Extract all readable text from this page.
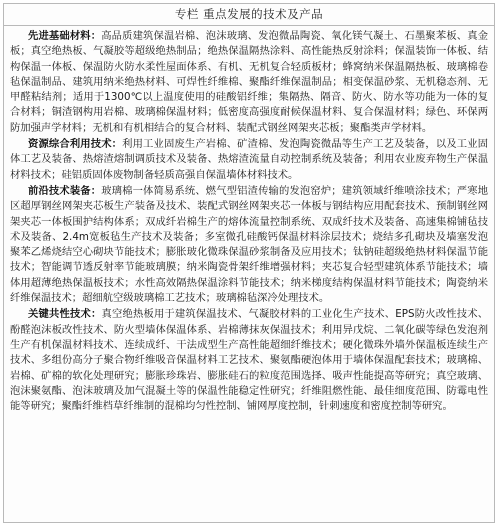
专栏 重点发展的技术及产品

先进基础材料：高品质建筑保温岩棉、泡沫玻璃、发泡微晶陶瓷、氧化镁气凝土、石墨聚苯板、真金板；真空绝热板、气凝胶等超级绝热制品；绝热保温隔热涂料、高性能热反射涂料；保温装饰一体板、结构保温一体板、保温防火防水柔性屋面体系、有机、无机复合轻质板材；蜂窝纳米保温隔热板、玻璃棉卷毡保温制品、建筑用纳米绝热材料、可焊性纤维棉、聚酯纤维保温制品；相变保温砂浆、无机稳态剂、无甲醛粘结剂；适用于1300℃以上温度使用的硅酸铝纤维；集隔热、隔音、防火、防水等功能为一体的复合材料；铜渣钢构用岩棉、玻璃棉保温材料；低密度高强度耐候保温材料、复合保温材料；绿色、环保两防加强声学材料；无机和有机相结合的复合材料、装配式钢丝网架夹芯板；聚酯类声学材料。

资源综合利用技术：利用工业固废生产岩棉、矿渣棉、发泡陶瓷微晶等生产工艺及装备，以及工业固体工艺及装备、热熔渣熔制调质技术及装备、热熔渣流量自动控制系统及装备；利用农业废弃物生产保温材料技术；硅铝质固体废物制备轻质高强自保温墙体材料技术。

前沿技术装备：玻璃棉一体简易系统、燃气型铝渣传输的发泡窑炉；建筑领域纤维喷涂技术；严寒地区超厚钢丝网架夹芯板生产装备及技术、装配式钢丝网架夹芯一体板与钢结构应用配套技术、预制钢丝网架夹芯一体板围护结构体系；双成纤岩棉生产的熔体流量控制系统、双成纤技术及装备、高速集棉铺毡技术及装备、2.4m宽板毡生产技术及装备；多室微孔硅酸钙保温材料涂层技术；烧结多孔砌块及墙塞发泡聚苯乙烯烧结空心砌块节能技术；膨胀玻化微珠保温砂浆制备及应用技术；钛钠硅超级绝热材料保温节能技术；智能调节透反射率节能玻璃膜；纳米陶瓷骨架纤维增强材料；夹芯复合轻型建筑体系节能技术；墙体用超薄绝热保温板技术；水性高效隔热保温涂料节能技术；纳米梯度结构保温材料节能技术；陶瓷纳米纤维保温技术；超细航空级玻璃棉工艺技术；玻璃棉毡深冷处理技术。

关键共性技术：真空绝热板用于建筑保温技术、气凝胶材料的工业化生产技术、EPS防火改性技术、酚醛泡沫板改性技术、防火型墙体保温体系、岩棉薄抹灰保温技术；利用异戊烷、二氧化碳等绿色发泡剂生产有机保温材料技术、连续成纤、干法成型生产高性能超细纤维技术；硬化微珠外墙外保温板连续生产技术、多组份高分子聚合物纤维吸音保温材料工艺技术、聚氨酯硬泡体用于墙体保温配套技术；玻璃棉、岩棉、矿棉的软化处理研究；膨胀珍珠岩、膨胀硅石的粒度范围选择、吸声性能提高等研究；真空玻璃、泡沫聚氨酯、泡沫玻璃及加气混凝土等的保温性能稳定性研究；纤维阻燃性能、最佳细度范围、防霉电性能等研究；聚酯纤维档草纤维制的混棉均匀性控制、铺网厚度控制，针刺速度和密度控制等研究。
